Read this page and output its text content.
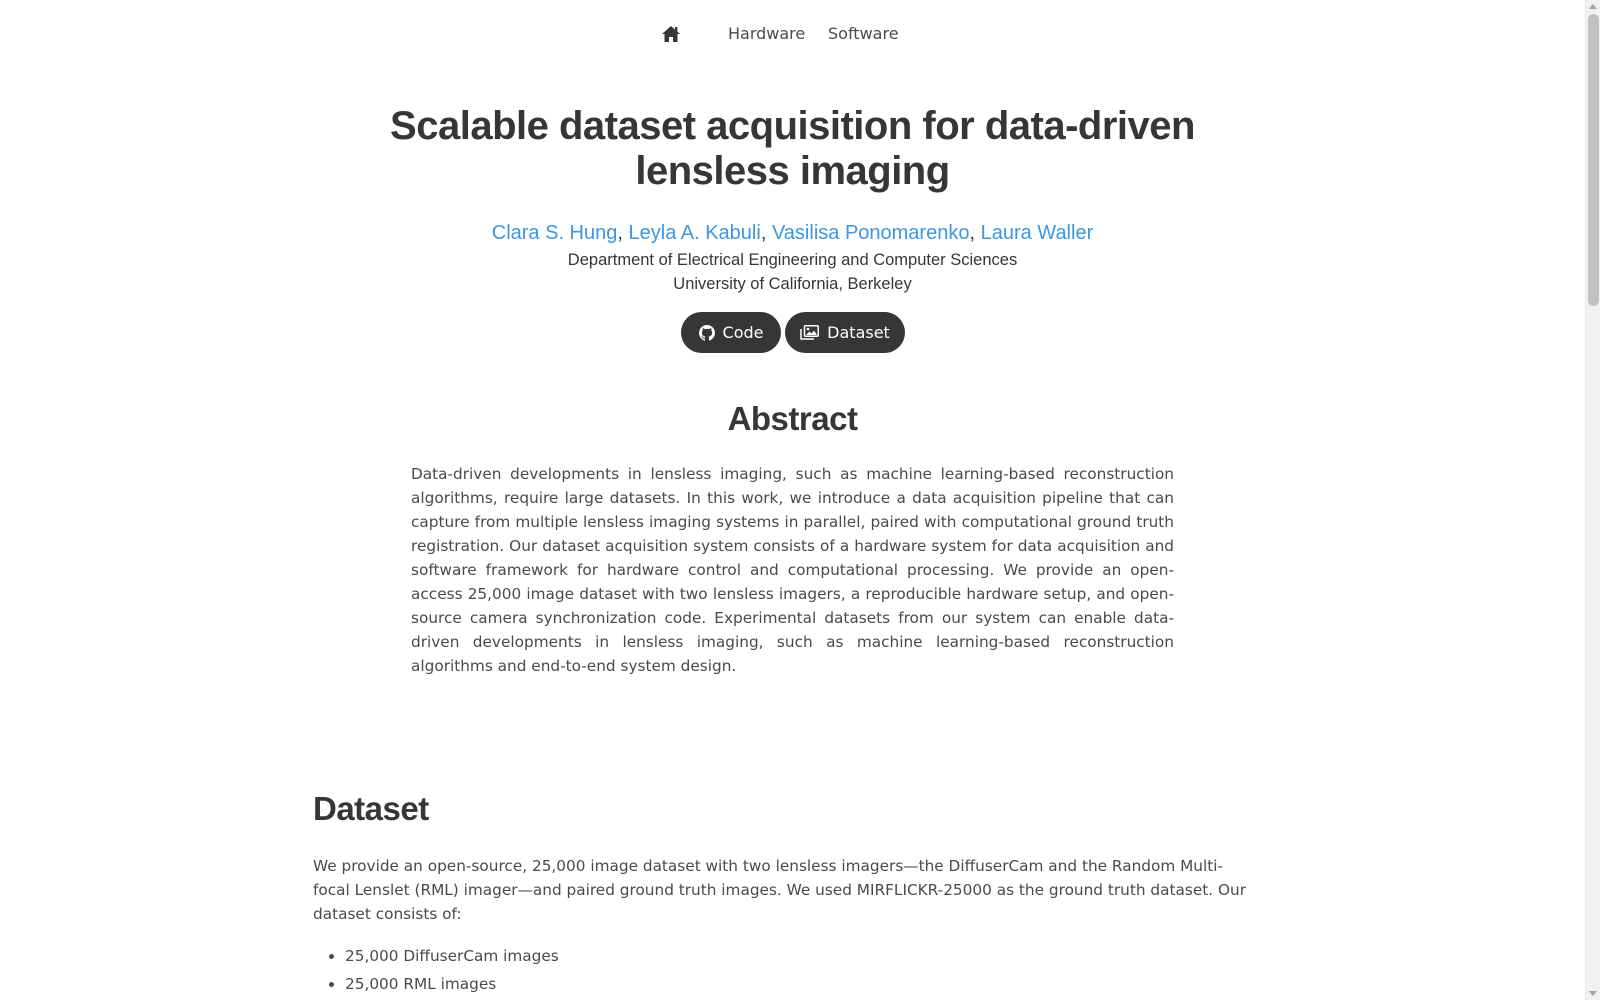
Hardware Software
Scalable dataset acquisition for data-driven lensless imaging
Clara S. Hung, Leyla A. Kabuli, Vasilisa Ponomarenko, Laura Waller
Department of Electrical Engineering and Computer Sciences
University of California, Berkeley
Code	Dataset
Abstract

Data-driven developments in lensless imaging, such as machine learning-based reconstruction algorithms, require large datasets. In this work, we introduce a data acquisition pipeline that can capture from multiple lensless imaging systems in parallel, paired with computational ground truth registration. Our dataset acquisition system consists of a hardware system for data acquisition and software framework for hardware control and computational processing. We provide an open-access 25,000 image dataset with two lensless imagers, a reproducible hardware setup, and open-source camera synchronization code. Experimental datasets from our system can enable data-driven developments in lensless imaging, such as machine learning-based reconstruction algorithms and end-to-end system design.

Dataset

We provide an open-source, 25,000 image dataset with two lensless imagers—the DiffuserCam and the Random Multi-focal Lenslet (RML) imager—and paired ground truth images. We used MIRFLICKR-25000 as the ground truth dataset. Our dataset consists of:

• 25,000 DiffuserCam images
• 25,000 RML images
